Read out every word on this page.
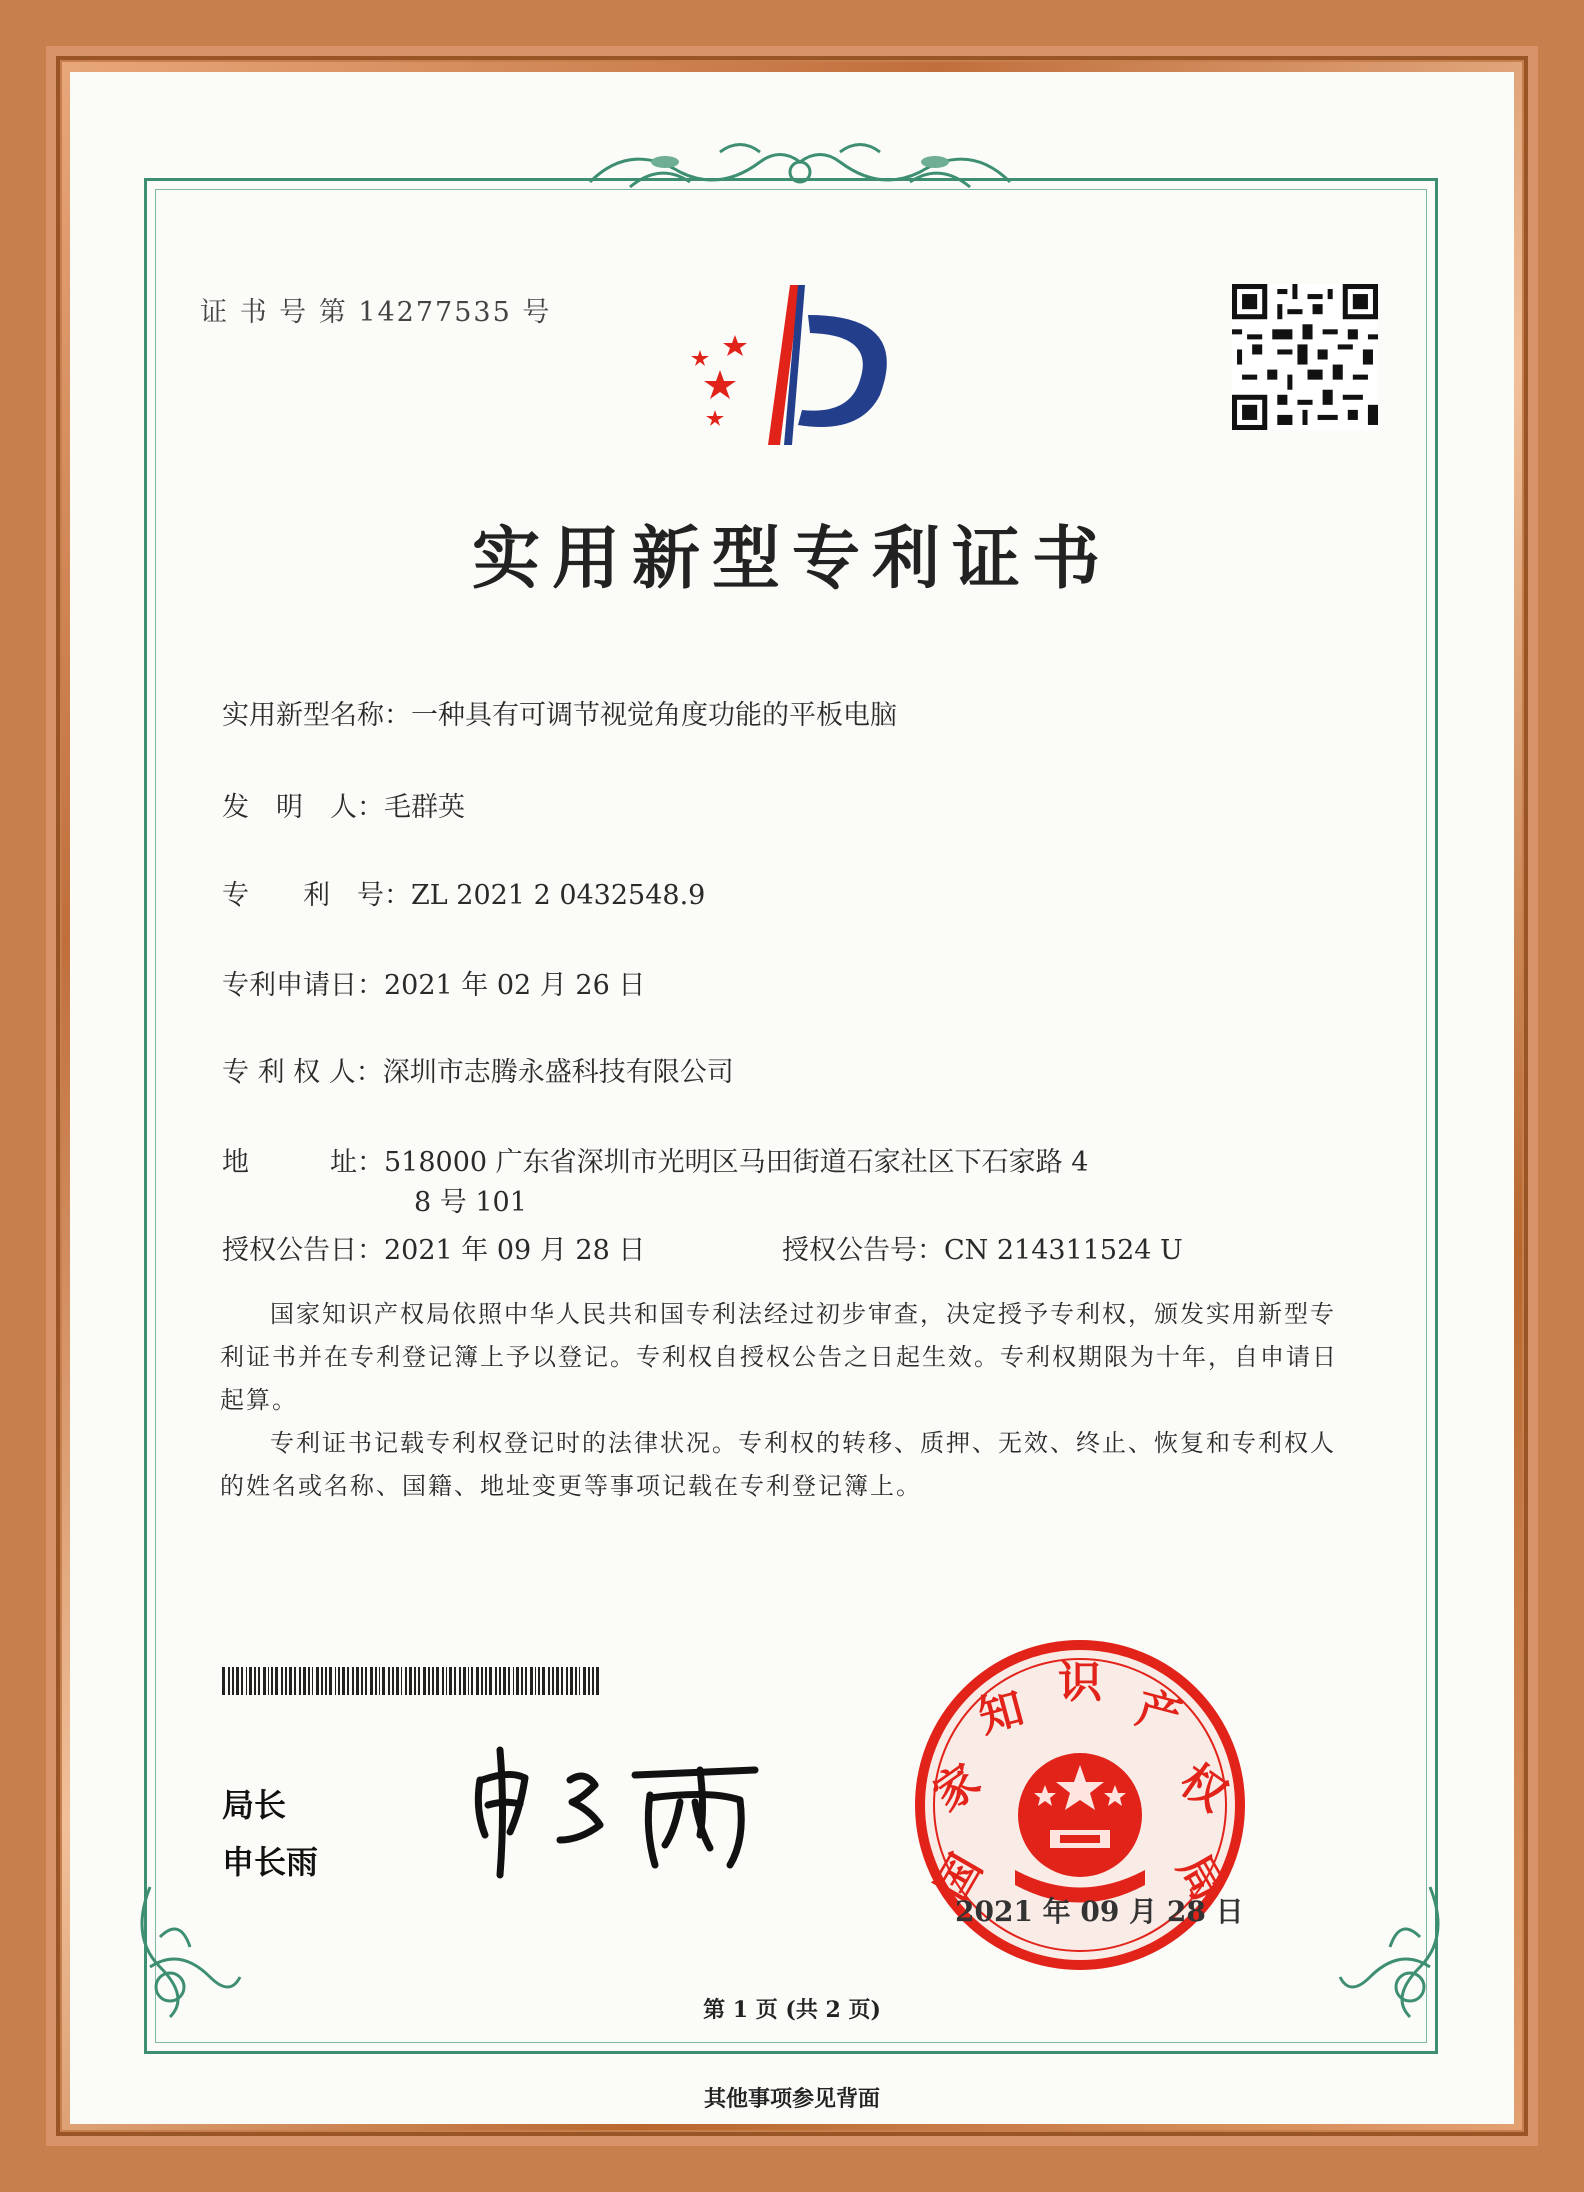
证 书 号 第 14277535 号
实用新型专利证书
实用新型名称：一种具有可调节视觉角度功能的平板电脑
发　明　人：毛群英
专　　利　号：ZL 2021 2 0432548.9
专利申请日：2021 年 02 月 26 日
专 利 权 人：深圳市志腾永盛科技有限公司
地　　　址：518000 广东省深圳市光明区马田街道石家社区下石家路 4
8 号 101
授权公告日：2021 年 09 月 28 日	授权公告号：CN 214311524 U

国家知识产权局依照中华人民共和国专利法经过初步审查，决定授予专利权，颁发实用新型专利证书并在专利登记簿上予以登记。专利权自授权公告之日起生效。专利权期限为十年，自申请日起算。

专利证书记载专利权登记时的法律状况。专利权的转移、质押、无效、终止、恢复和专利权人的姓名或名称、国籍、地址变更等事项记载在专利登记簿上。

局长
申长雨	国
家
知
识
产
权
局
2021 年 09 月 28 日
第 1 页 (共 2 页)
其他事项参见背面
